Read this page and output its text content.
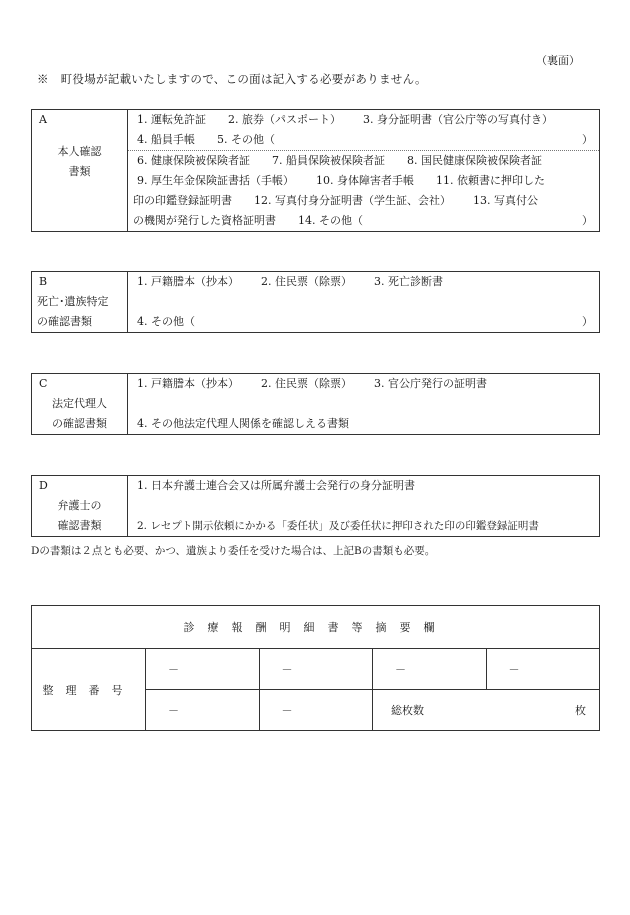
（裏面）
※　町役場が記載いたしますので、この面は記入する必要がありません。
A
本人確認
書類

1. 運転免許証 2. 旅券（パスポート） 3. 身分証明書（官公庁等の写真付き）
4. 船員手帳 5. その他（	）
6. 健康保険被保険者証 7. 船員保険被保険者証 8. 国民健康保険被保険者証
9. 厚生年金保険証書括（手帳） 10. 身体障害者手帳 11. 依頼書に押印した
印の印鑑登録証明書 12. 写真付身分証明書（学生証、会社） 13. 写真付公
の機関が発行した資格証明書 14. その他（	）
B
死亡･遺族特定
の確認書類

1. 戸籍謄本（抄本） 2. 住民票（除票） 3. 死亡診断書
4. その他（	）
C
法定代理人
の確認書類

1. 戸籍謄本（抄本） 2. 住民票（除票） 3. 官公庁発行の証明書
4. その他法定代理人関係を確認しえる書類
D
弁護士の
確認書類

1. 日本弁護士連合会又は所属弁護士会発行の身分証明書
2. レセプト開示依頼にかかる「委任状」及び委任状に押印された印の印鑑登録証明書
Dの書類は２点とも必要、かつ、遺族より委任を受けた場合は、上記Bの書類も必要。
診療報酬明細書等摘要欄				
整理番号	－	－	－	－
	－	－	総枚数 枚	
